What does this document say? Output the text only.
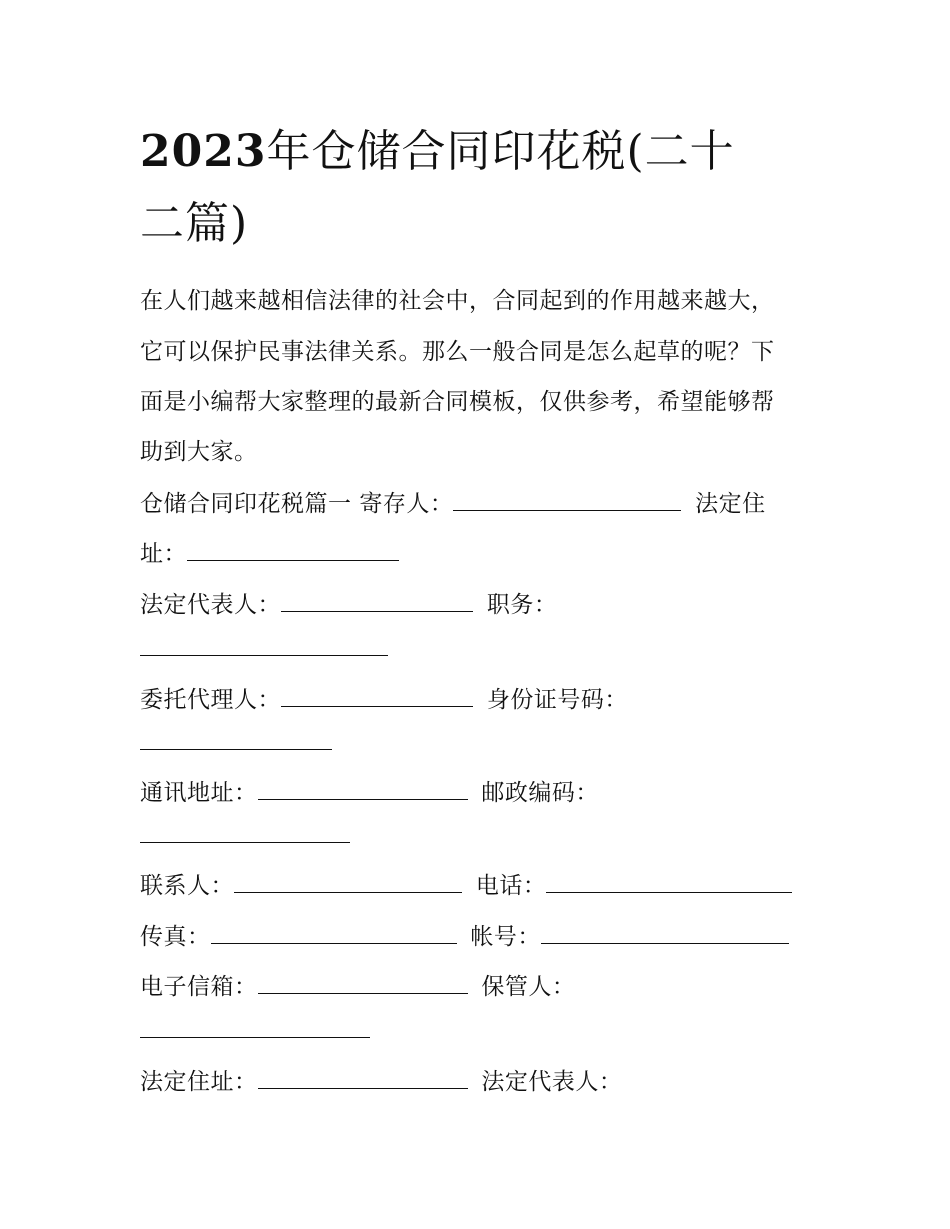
2023年仓储合同印花税(二十
二篇)
在人们越来越相信法律的社会中，合同起到的作用越来越大，
它可以保护民事法律关系。那么一般合同是怎么起草的呢？下
面是小编帮大家整理的最新合同模板，仅供参考，希望能够帮
助到大家。
仓储合同印花税篇一 寄存人：	法定住
址：
法定代表人：	职务：
委托代理人：	身份证号码：
通讯地址：	邮政编码：
联系人：	电话：
传真：	帐号：
电子信箱：	保管人：
法定住址：	法定代表人：
